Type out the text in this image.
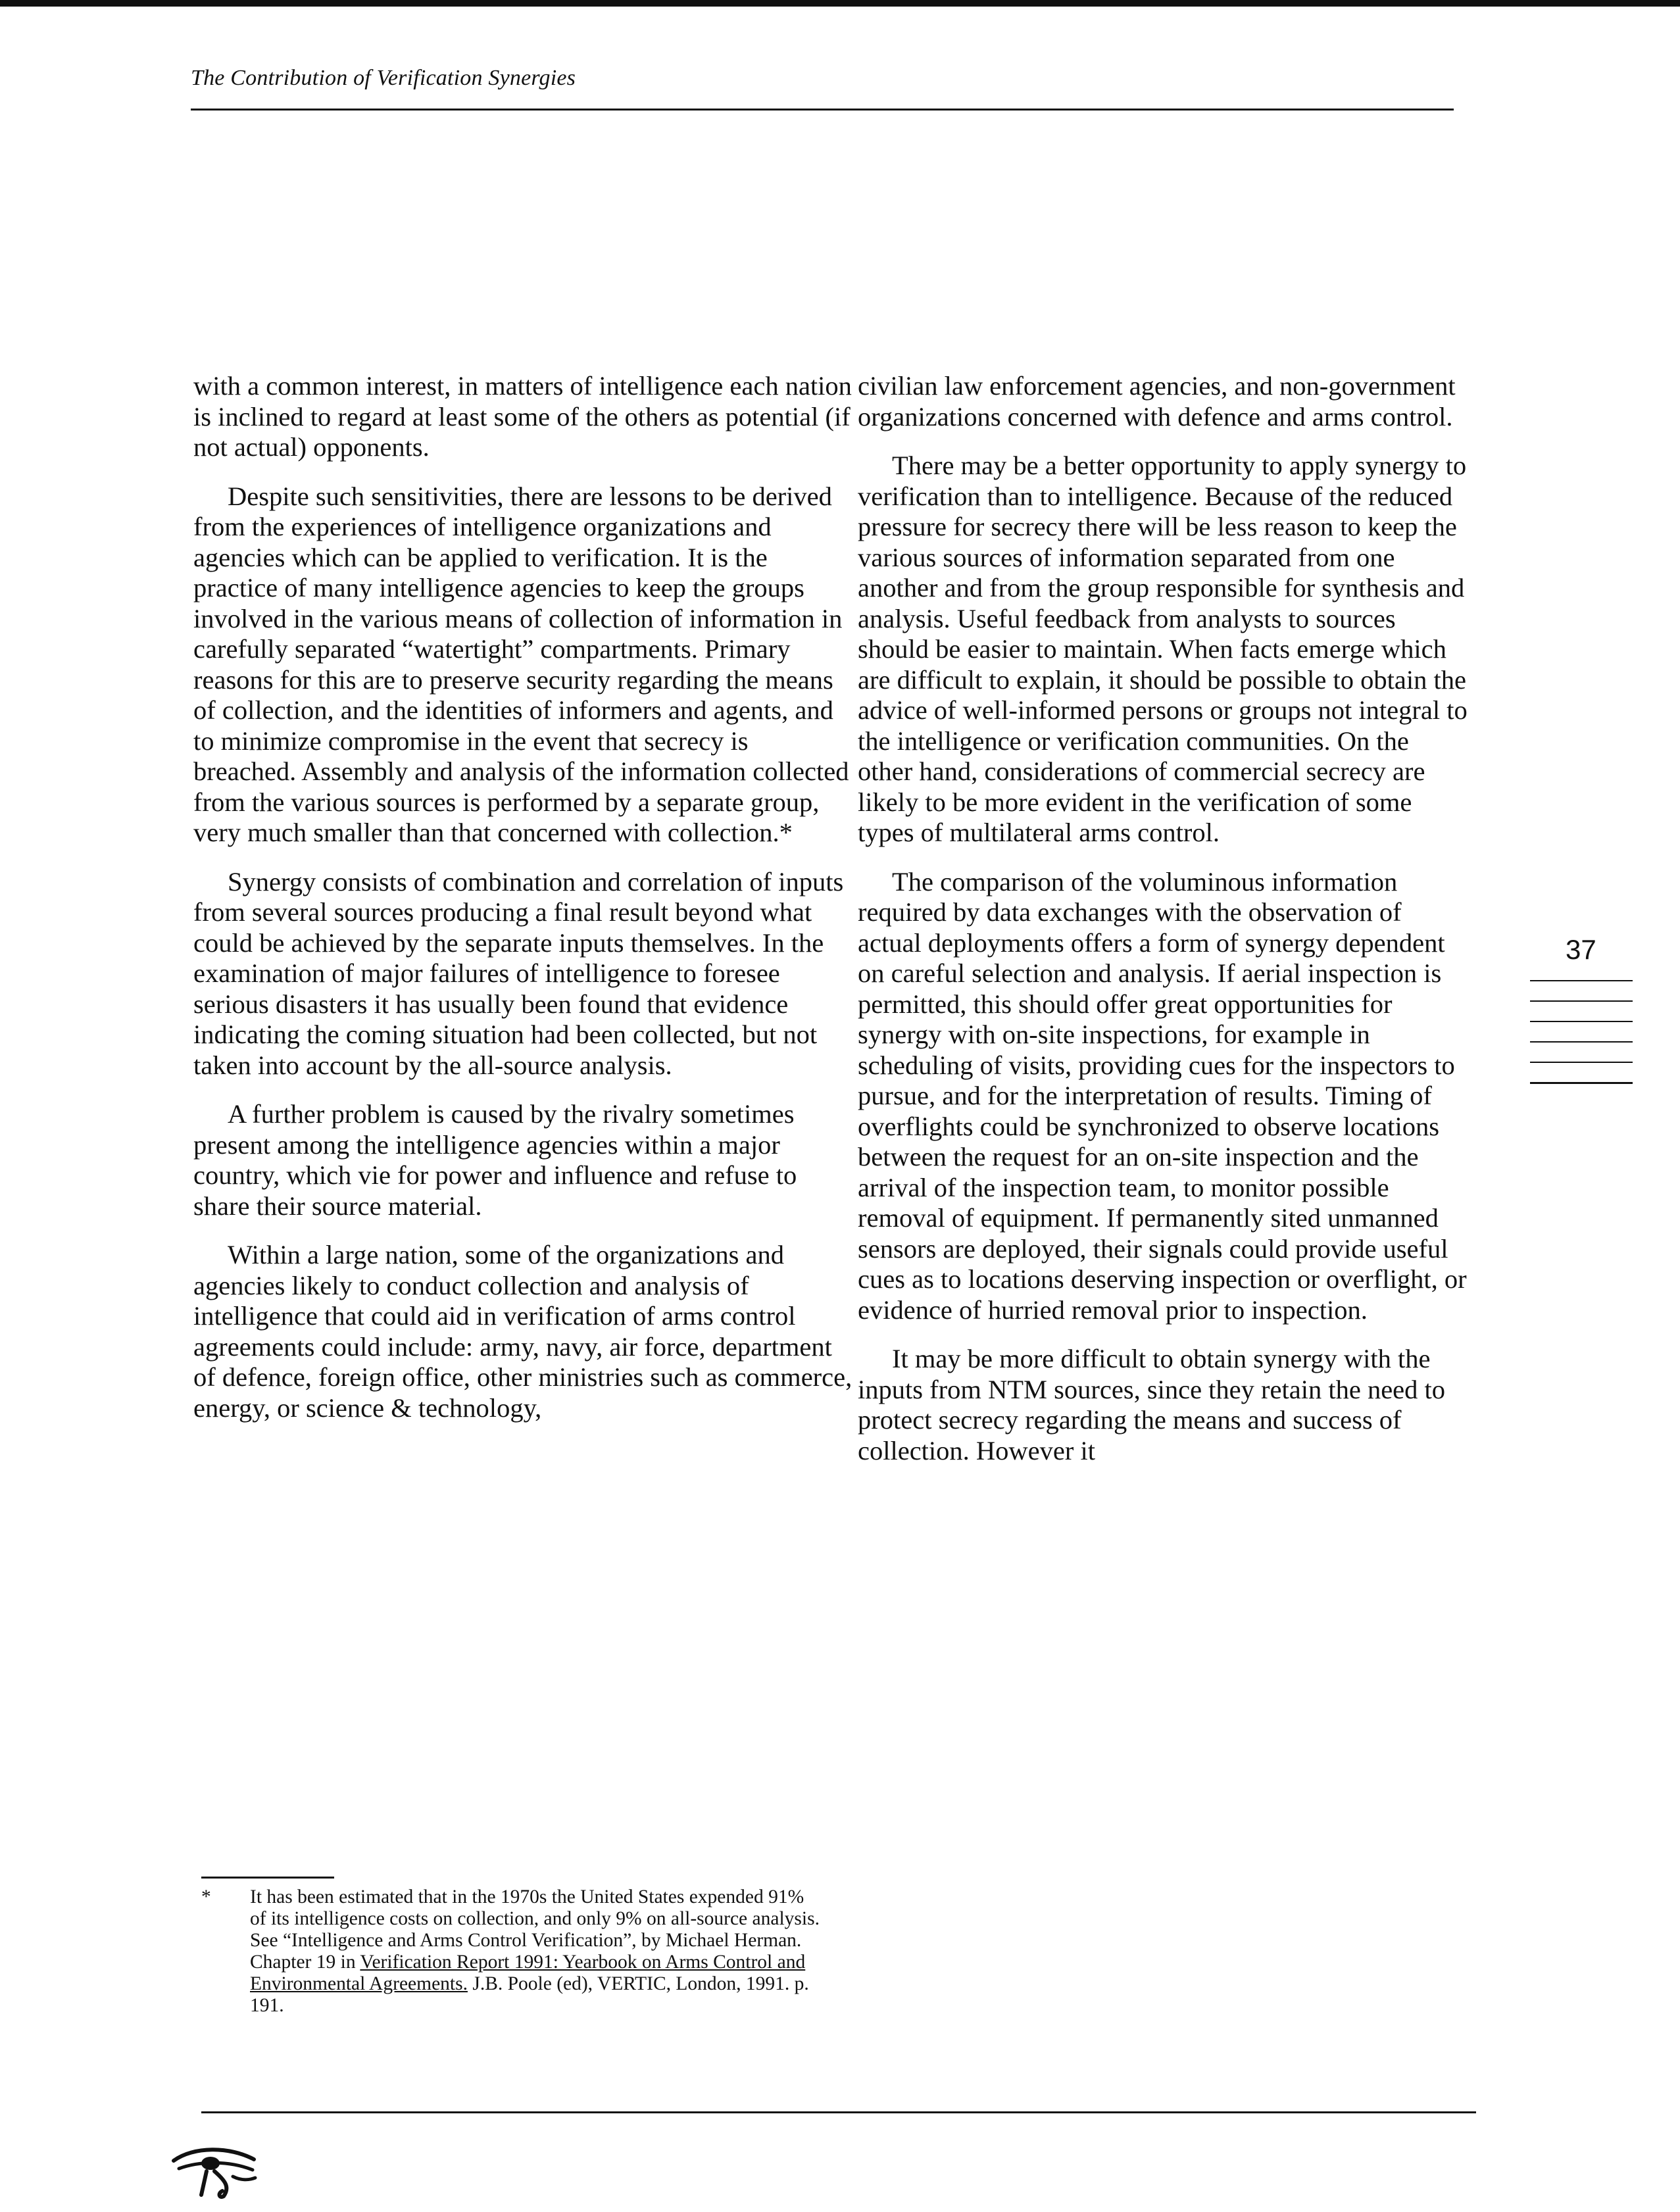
The Contribution of Verification Synergies

with a common interest, in matters of intelligence each nation is inclined to regard at least some of the others as potential (if not actual) opponents.

Despite such sensitivities, there are lessons to be derived from the experiences of intelligence organizations and agencies which can be applied to verification. It is the practice of many intelligence agencies to keep the groups involved in the various means of collection of information in carefully separated “watertight” compartments. Primary reasons for this are to preserve security regarding the means of collection, and the identities of informers and agents, and to minimize compromise in the event that secrecy is breached. Assembly and analysis of the information collected from the various sources is performed by a separate group, very much smaller than that concerned with collection.*

Synergy consists of combination and correlation of inputs from several sources producing a final result beyond what could be achieved by the separate inputs themselves. In the examination of major failures of intelligence to foresee serious disasters it has usually been found that evidence indicating the coming situation had been collected, but not taken into account by the all-source analysis.

A further problem is caused by the rivalry sometimes present among the intelligence agencies within a major country, which vie for power and influence and refuse to share their source material.

Within a large nation, some of the organizations and agencies likely to conduct collection and analysis of intelligence that could aid in verification of arms control agreements could include: army, navy, air force, department of defence, foreign office, other ministries such as commerce, energy, or science & technology,

civilian law enforcement agencies, and non-government organizations concerned with defence and arms control.

There may be a better opportunity to apply synergy to verification than to intelligence. Because of the reduced pressure for secrecy there will be less reason to keep the various sources of information separated from one another and from the group responsible for synthesis and analysis. Useful feedback from analysts to sources should be easier to maintain. When facts emerge which are difficult to explain, it should be possible to obtain the advice of well-informed persons or groups not integral to the intelligence or verification communities. On the other hand, considerations of commercial secrecy are likely to be more evident in the verification of some types of multilateral arms control.

The comparison of the voluminous information required by data exchanges with the observation of actual deployments offers a form of synergy dependent on careful selection and analysis. If aerial inspection is permitted, this should offer great opportunities for synergy with on-site inspections, for example in scheduling of visits, providing cues for the inspectors to pursue, and for the interpretation of results. Timing of overflights could be synchronized to observe locations between the request for an on-site inspection and the arrival of the inspection team, to monitor possible removal of equipment. If permanently sited unmanned sensors are deployed, their signals could provide useful cues as to locations deserving inspection or overflight, or evidence of hurried removal prior to inspection.

It may be more difficult to obtain synergy with the inputs from NTM sources, since they retain the need to protect secrecy regarding the means and success of collection. However it

37
* It has been estimated that in the 1970s the United States expended 91% of its intelligence costs on collection, and only 9% on all-source analysis. See “Intelligence and Arms Control Verification”, by Michael Herman. Chapter 19 in Verification Report 1991: Yearbook on Arms Control and Environmental Agreements. J.B. Poole (ed), VERTIC, London, 1991. p. 191.
